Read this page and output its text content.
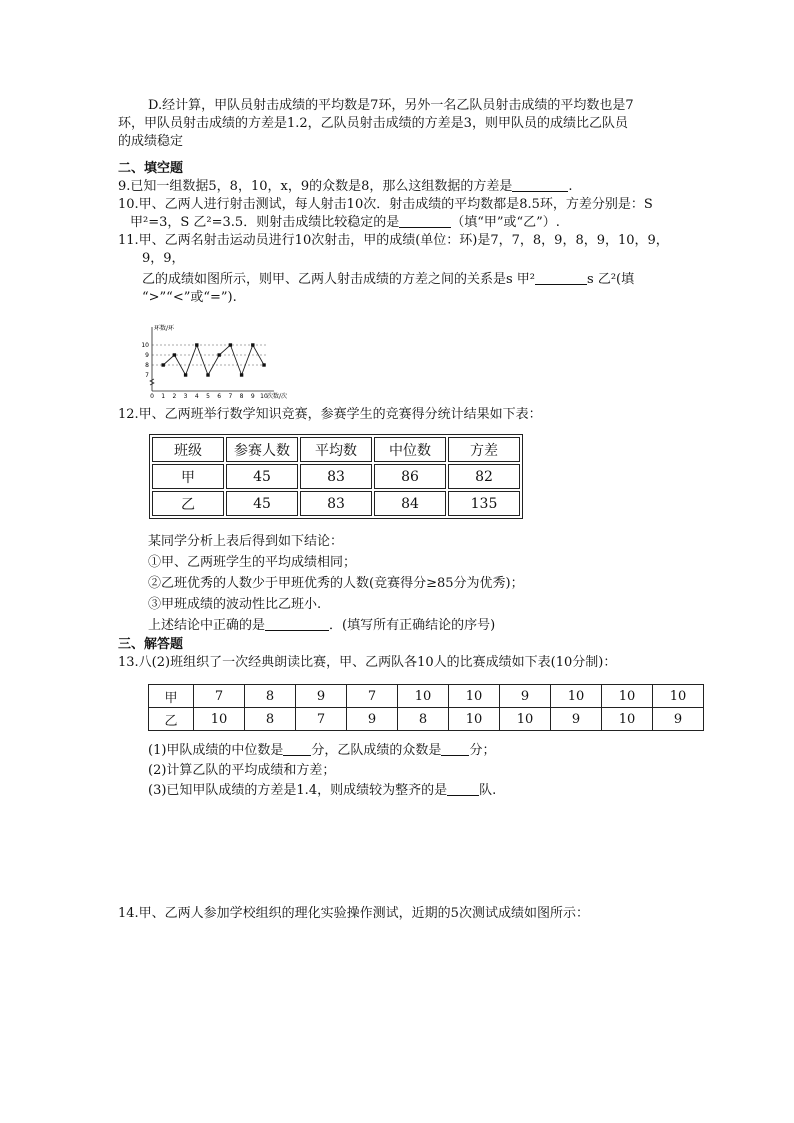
D.经计算，甲队员射击成绩的平均数是7环，另外一名乙队员射击成绩的平均数也是7

环，甲队员射击成绩的方差是1.2，乙队员射击成绩的方差是3，则甲队员的成绩比乙队员

的成绩稳定

二、填空题

9.已知一组数据5，8，10，x，9的众数是8，那么这组数据的方差是	.

10.甲、乙两人进行射击测试，每人射击10次．射击成绩的平均数都是8.5环，方差分别是：S

甲²=3，S 乙²=3.5．则射击成绩比较稳定的是	（填“甲”或“乙”）.

11.甲、乙两名射击运动员进行10次射击，甲的成绩(单位：环)是7，7，8，9，8，9，10，9，

9，9，

乙的成绩如图所示，则甲、乙两人射击成绩的方差之间的关系是s 甲²	s 乙²(填

“>”“<”或“=”).

0 1 2 3 4 5 6 7 8 9 10
7
8
9
10
环数/环
次数/次

12.甲、乙两班举行数学知识竞赛，参赛学生的竞赛得分统计结果如下表：

班级	参赛人数	平均数	中位数	方差
甲	45	83	86	82
乙	45	83	84	135

某同学分析上表后得到如下结论：

①甲、乙两班学生的平均成绩相同；

②乙班优秀的人数少于甲班优秀的人数(竞赛得分≥85分为优秀)；

③甲班成绩的波动性比乙班小.

上述结论中正确的是	．(填写所有正确结论的序号)

三、解答题

13.八(2)班组织了一次经典朗读比赛，甲、乙两队各10人的比赛成绩如下表(10分制)：

甲	7	8	9	7	10	10	9	10	10	10
乙	10	8	7	9	8	10	10	9	10	9

(1)甲队成绩的中位数是 分，乙队成绩的众数是 分；

(2)计算乙队的平均成绩和方差；

(3)已知甲队成绩的方差是1.4，则成绩较为整齐的是 队.

14.甲、乙两人参加学校组织的理化实验操作测试，近期的5次测试成绩如图所示：
